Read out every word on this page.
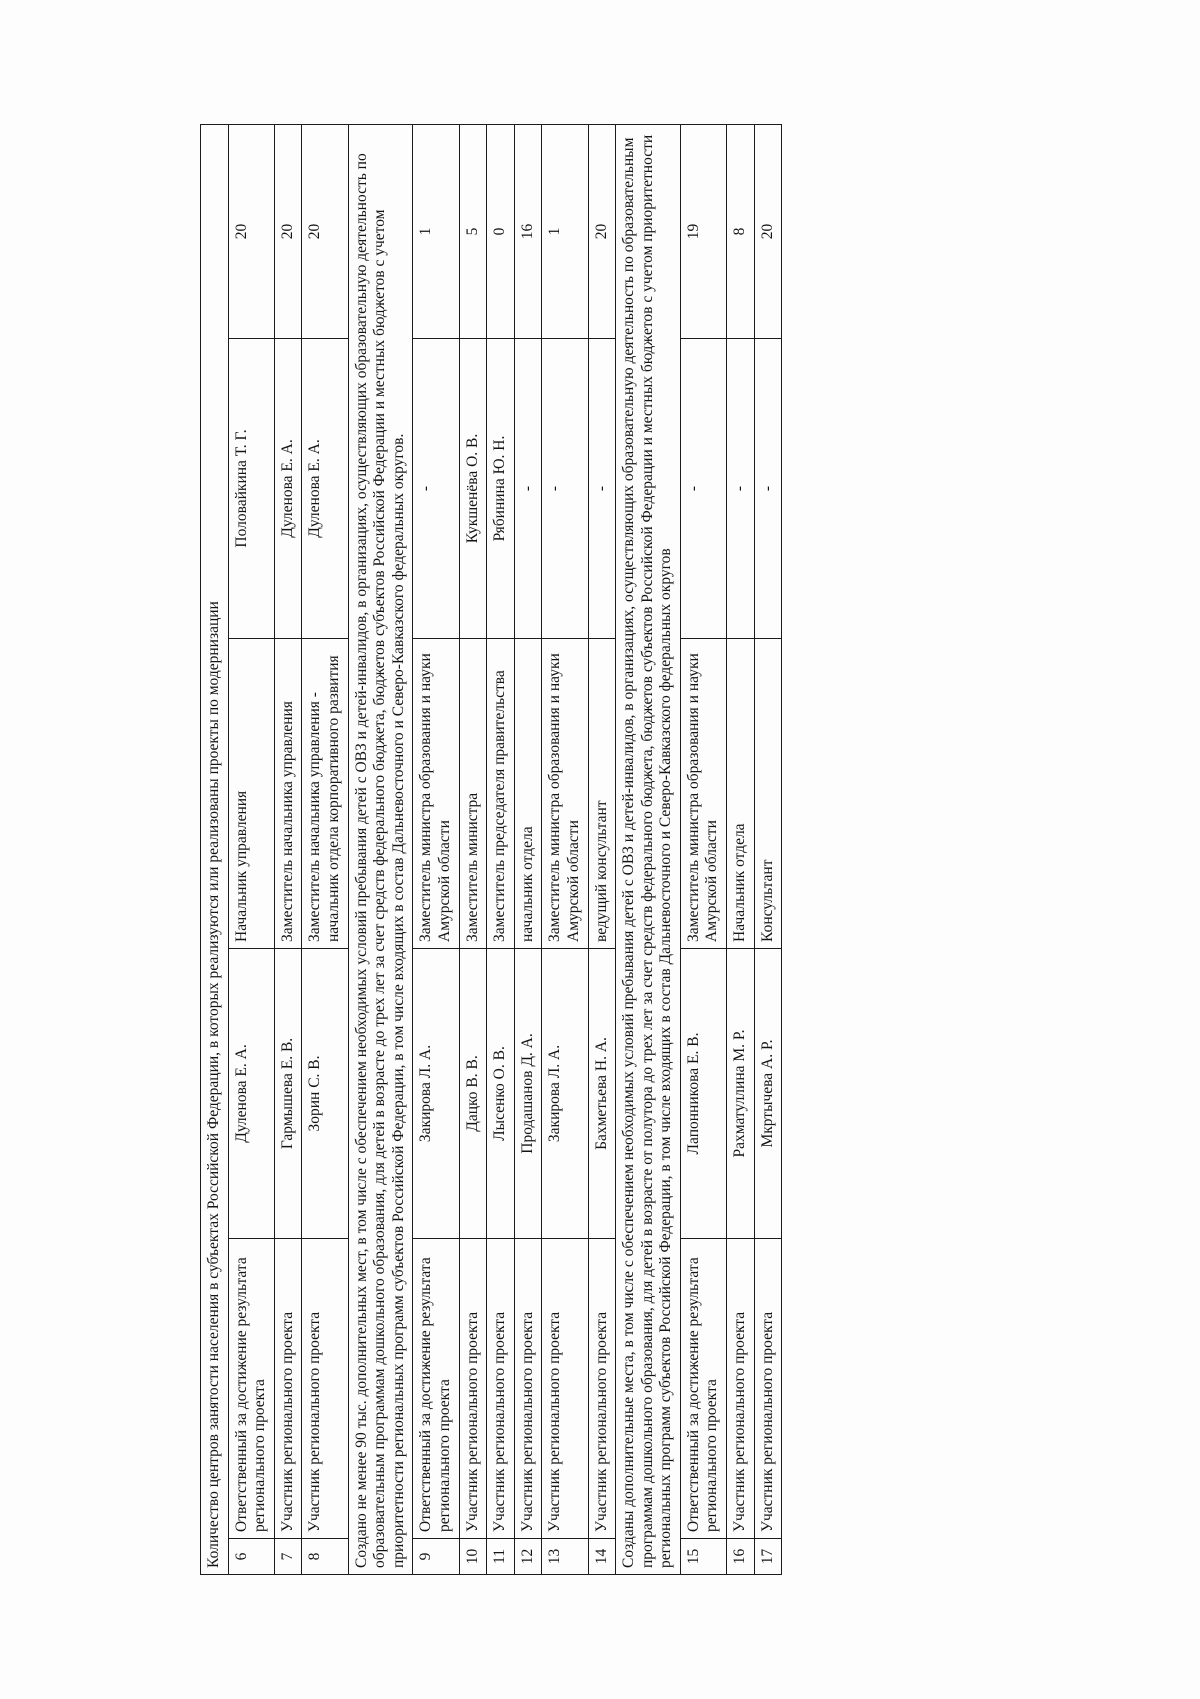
Количество центров занятости населения в субъектах Российской Федерации, в которых реализуются или реализованы проекты по модернизации					
6	Ответственный за достижение результата регионального проекта	Дуленова Е. А.	Начальник управления	Половайкина Т. Г.	20
7	Участник регионального проекта	Гармышева Е. В.	Заместитель начальника управления	Дуленова Е. А.	20
8	Участник регионального проекта	Зорин С. В.	Заместитель начальника управления - начальник отдела корпоративного развития	Дуленова Е. А.	20
Создано не менее 90 тыс. дополнительных мест, в том числе с обеспечением необходимых условий пребывания детей с ОВЗ и детей-инвалидов, в организациях, осуществляющих образовательную деятельность по образовательным программам дошкольного образования, для детей в возрасте до трех лет за счет средств федерального бюджета, бюджетов субъектов Российской Федерации и местных бюджетов с учетом приоритетности региональных программ субъектов Российской Федерации, в том числе входящих в состав Дальневосточного и Северо-Кавказского федеральных округов.					
9	Ответственный за достижение результата регионального проекта	Закирова Л. А.	Заместитель министра образования и науки Амурской области	-	1
10	Участник регионального проекта	Дацко В. В.	Заместитель министра	Кукшенёва О. В.	5
11	Участник регионального проекта	Лысенко О. В.	Заместитель председателя правительства	Рябинина Ю. Н.	0
12	Участник регионального проекта	Продашанов Д. А.	начальник отдела	-	16
13	Участник регионального проекта	Закирова Л. А.	Заместитель министра образования и науки Амурской области	-	1
14	Участник регионального проекта	Бахметьева Н. А.	ведущий консультант	-	20
Созданы дополнительные места, в том числе с обеспечением необходимых условий пребывания детей с ОВЗ и детей-инвалидов, в организациях, осуществляющих образовательную деятельность по образовательным программам дошкольного образования, для детей в возрасте от полутора до трех лет за счет средств федерального бюджета, бюджетов субъектов Российской Федерации и местных бюджетов с учетом приоритетности региональных программ субъектов Российской Федерации, в том числе входящих в состав Дальневосточного и Северо-Кавказского федеральных округов					
15	Ответственный за достижение результата регионального проекта	Лапонникова Е. В.	Заместитель министра образования и науки Амурской области	-	19
16	Участник регионального проекта	Рахматуллина М. Р.	Начальник отдела	-	8
17	Участник регионального проекта	Мкртычева А. Р.	Консультант	-	20
